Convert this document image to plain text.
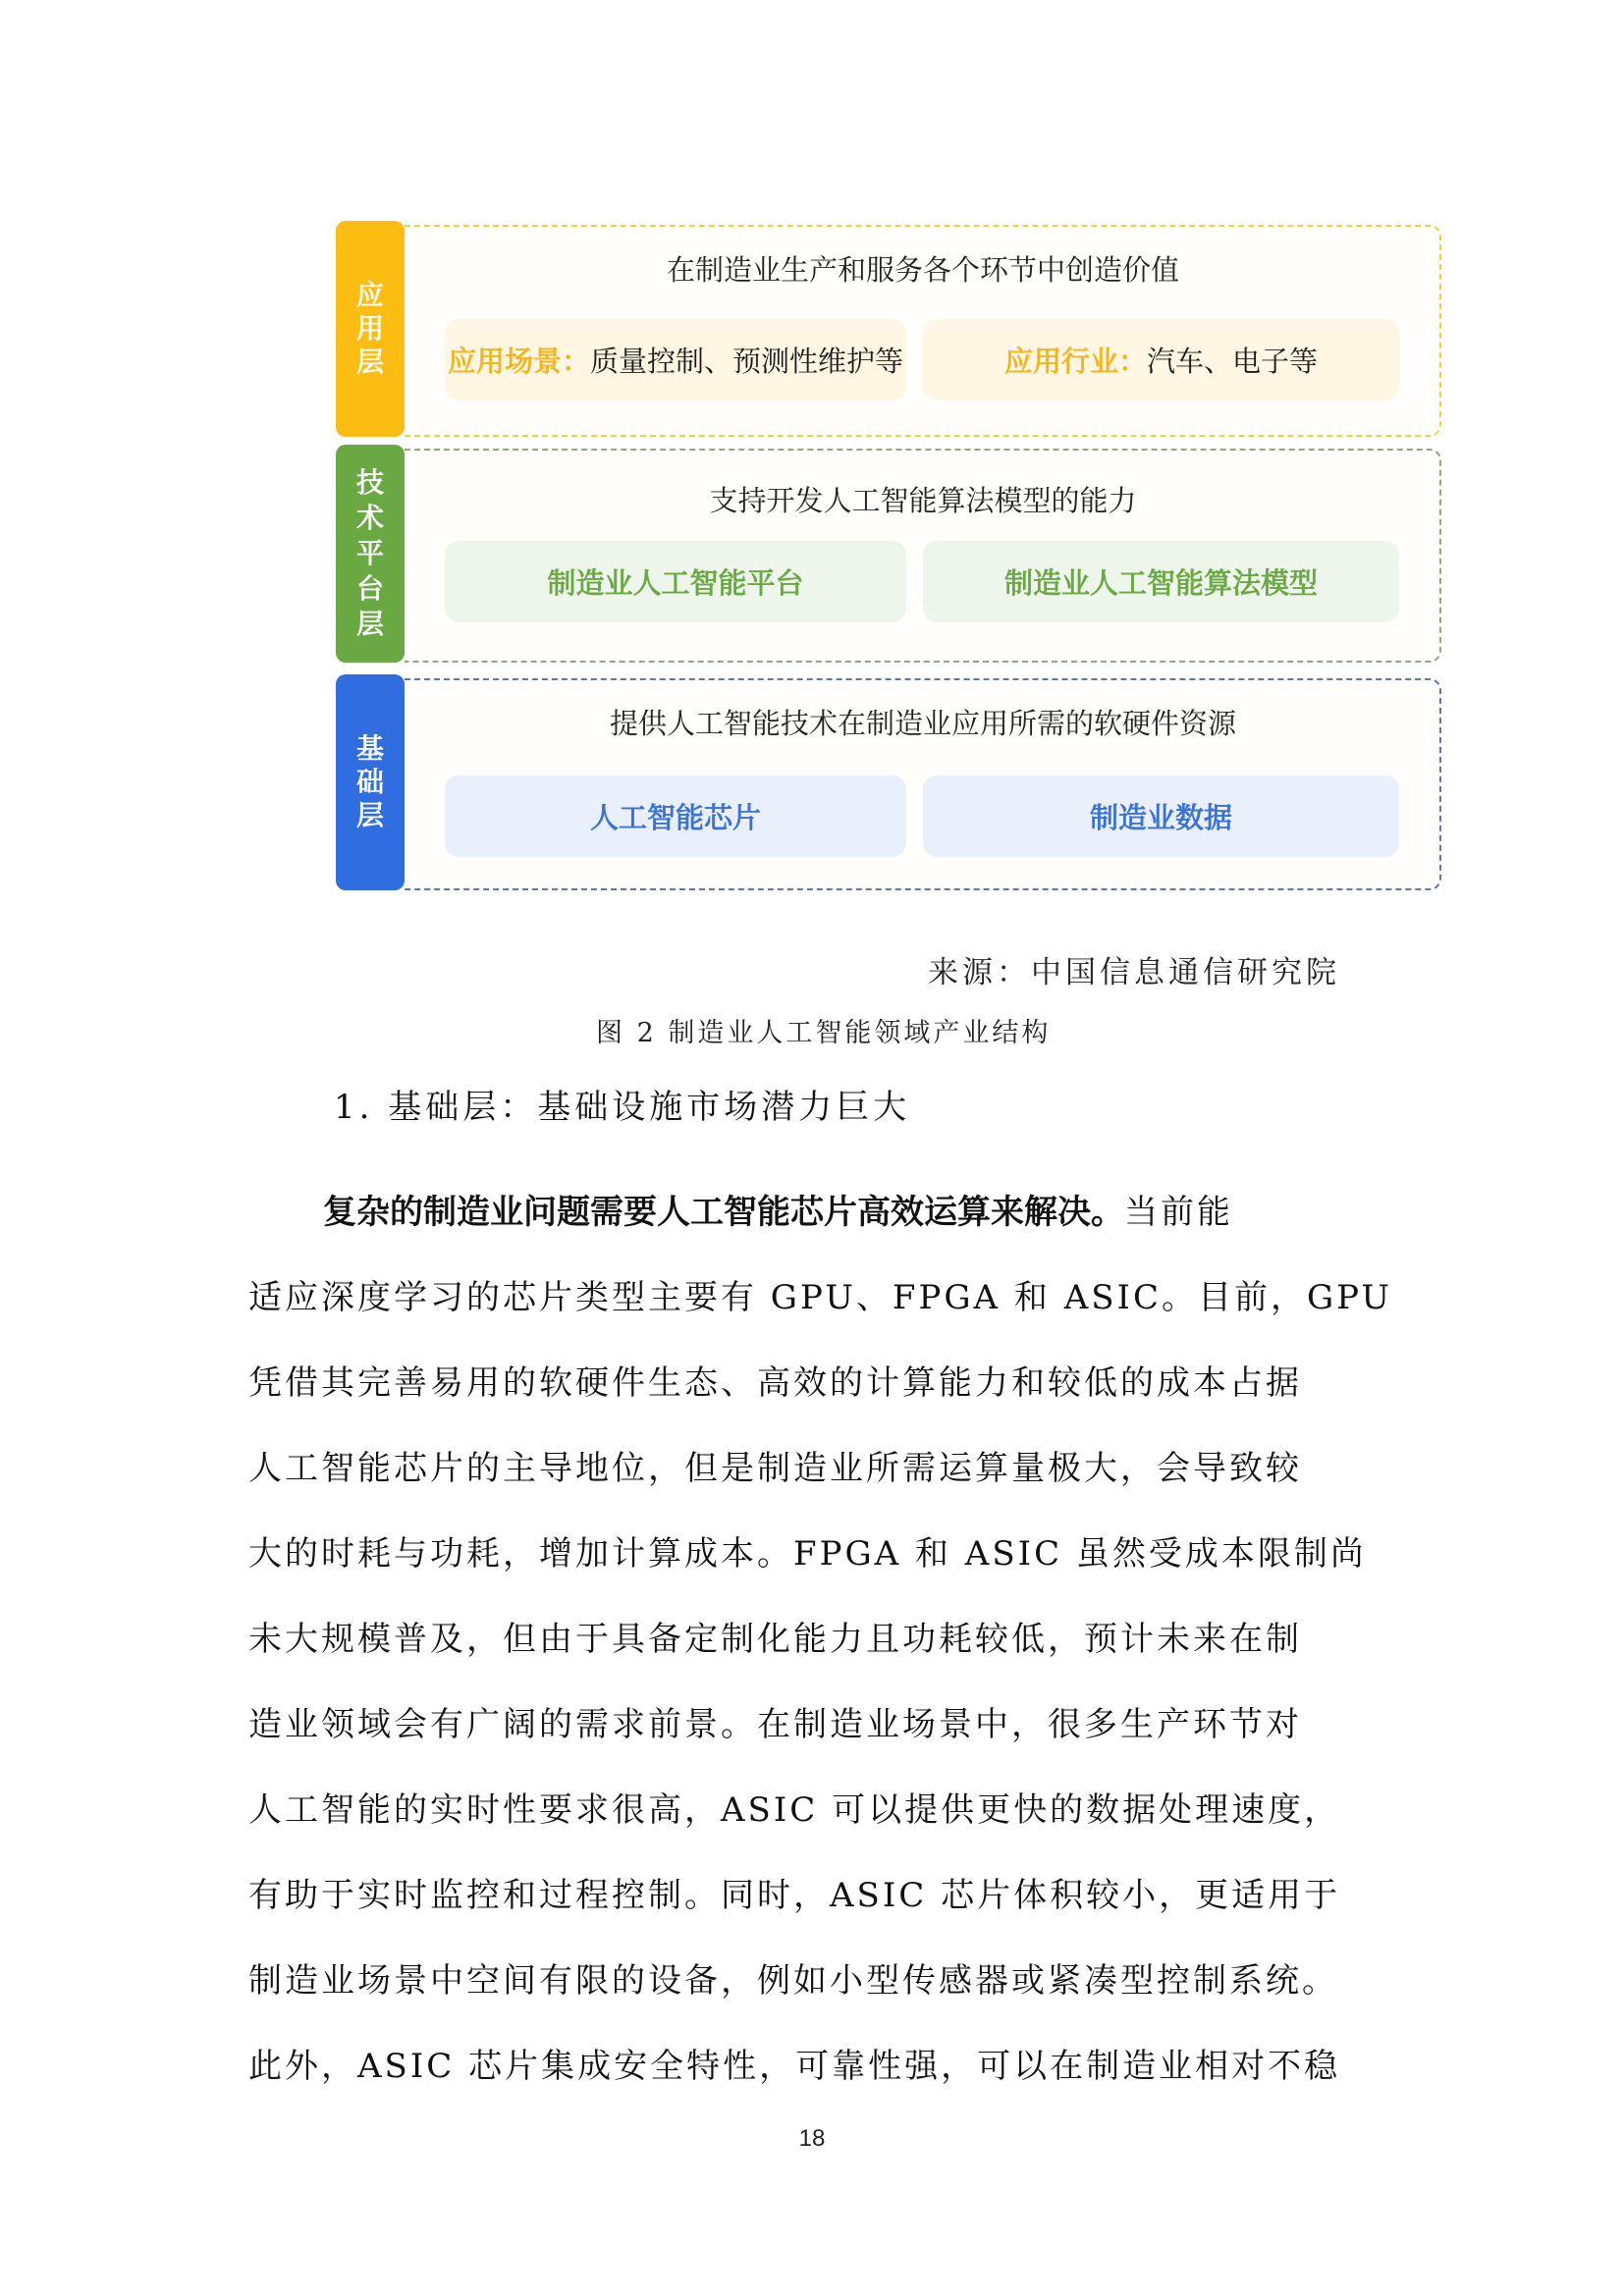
应
用
层
在制造业生产和服务各个环节中创造价值
应用场景： 质量控制、预测性维护等	应用行业： 汽车、电子等
技
术
平
台
层
支持开发人工智能算法模型的能力
制造业人工智能平台	制造业人工智能算法模型
基
础
层
提供人工智能技术在制造业应用所需的软硬件资源
人工智能芯片	制造业数据
来源：中国信息通信研究院
图 2 制造业人工智能领域产业结构
1. 基础层：基础设施市场潜力巨大
复杂的制造业问题需要人工智能芯片高效运算来解决。当前能
适应深度学习的芯片类型主要有 GPU、FPGA 和 ASIC。目前，GPU
凭借其完善易用的软硬件生态、高效的计算能力和较低的成本占据
人工智能芯片的主导地位，但是制造业所需运算量极大，会导致较
大的时耗与功耗，增加计算成本。FPGA 和 ASIC 虽然受成本限制尚
未大规模普及，但由于具备定制化能力且功耗较低，预计未来在制
造业领域会有广阔的需求前景。在制造业场景中，很多生产环节对
人工智能的实时性要求很高，ASIC 可以提供更快的数据处理速度，
有助于实时监控和过程控制。同时，ASIC 芯片体积较小，更适用于
制造业场景中空间有限的设备，例如小型传感器或紧凑型控制系统。
此外，ASIC 芯片集成安全特性，可靠性强，可以在制造业相对不稳
18
